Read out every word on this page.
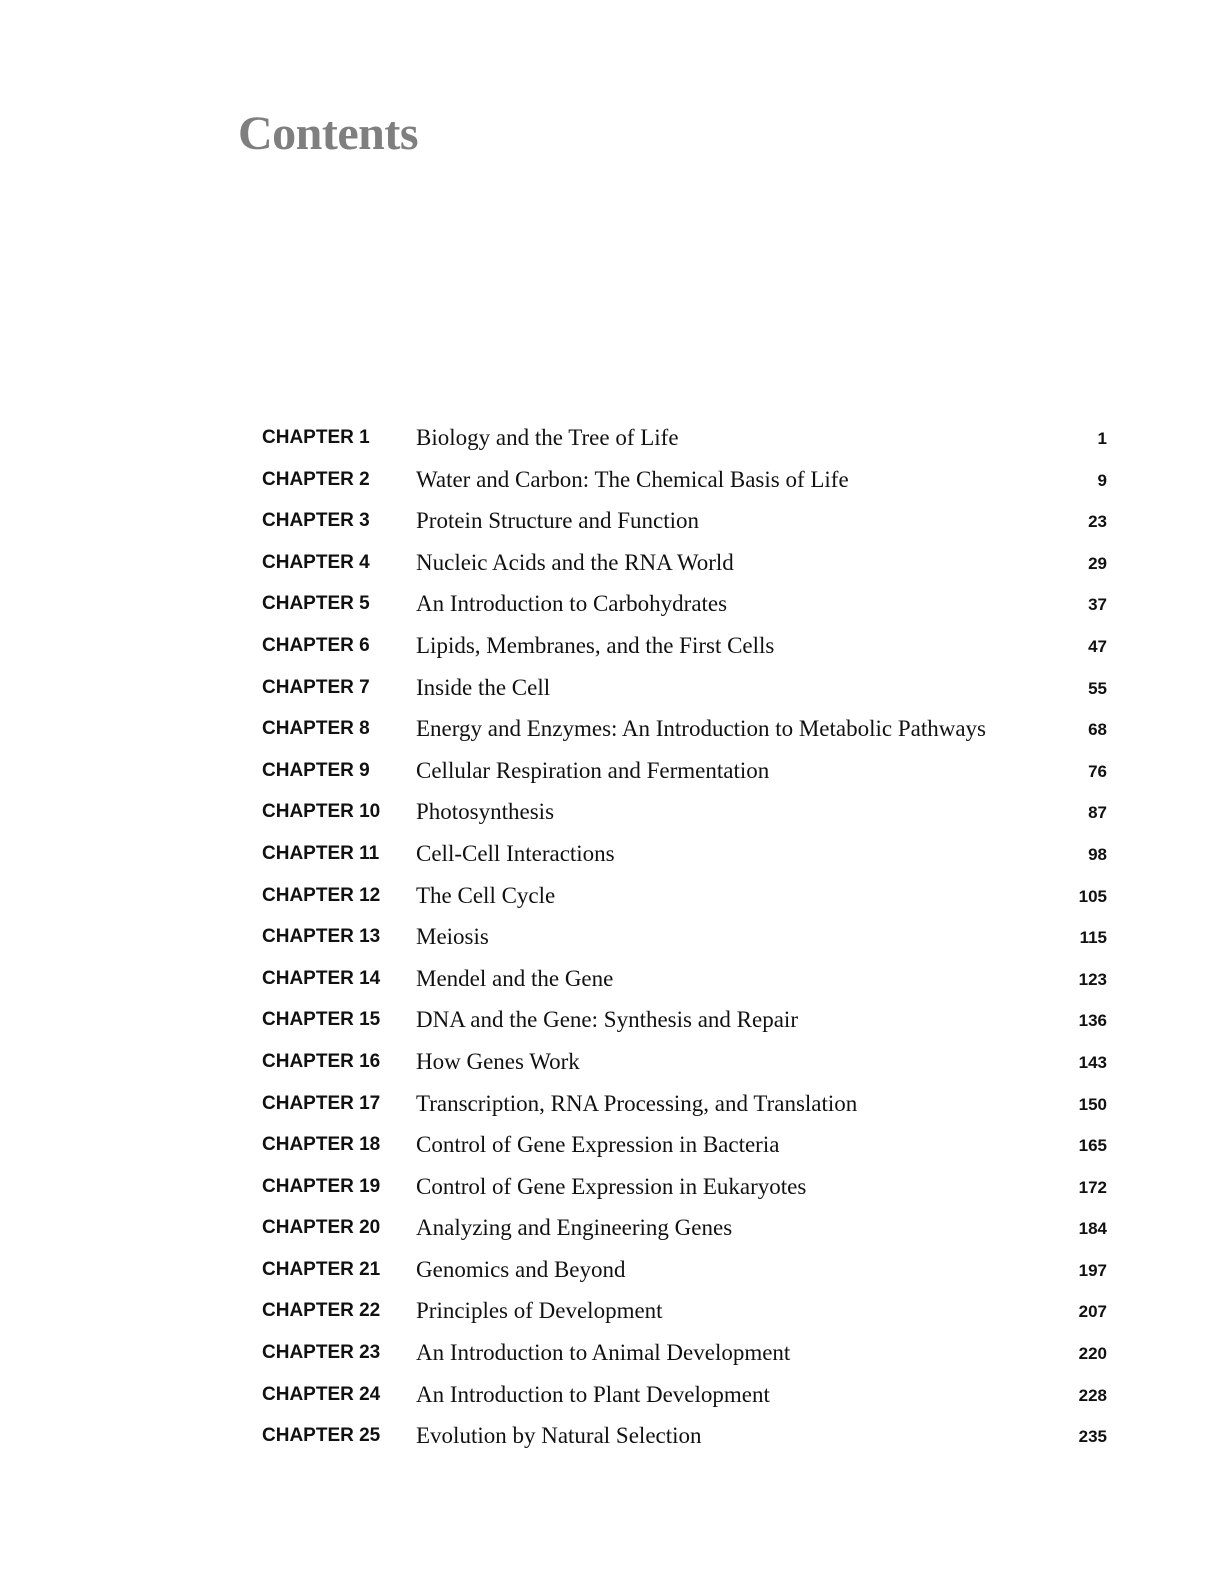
Contents
CHAPTER 1 Biology and the Tree of Life	1
CHAPTER 2 Water and Carbon: The Chemical Basis of Life	9
CHAPTER 3 Protein Structure and Function	23
CHAPTER 4 Nucleic Acids and the RNA World	29
CHAPTER 5 An Introduction to Carbohydrates	37
CHAPTER 6 Lipids, Membranes, and the First Cells	47
CHAPTER 7 Inside the Cell	55
CHAPTER 8 Energy and Enzymes: An Introduction to Metabolic Pathways	68
CHAPTER 9 Cellular Respiration and Fermentation	76
CHAPTER 10 Photosynthesis	87
CHAPTER 11 Cell-Cell Interactions	98
CHAPTER 12 The Cell Cycle	105
CHAPTER 13 Meiosis	115
CHAPTER 14 Mendel and the Gene	123
CHAPTER 15 DNA and the Gene: Synthesis and Repair	136
CHAPTER 16 How Genes Work	143
CHAPTER 17 Transcription, RNA Processing, and Translation	150
CHAPTER 18 Control of Gene Expression in Bacteria	165
CHAPTER 19 Control of Gene Expression in Eukaryotes	172
CHAPTER 20 Analyzing and Engineering Genes	184
CHAPTER 21 Genomics and Beyond	197
CHAPTER 22 Principles of Development	207
CHAPTER 23 An Introduction to Animal Development	220
CHAPTER 24 An Introduction to Plant Development	228
CHAPTER 25 Evolution by Natural Selection	235
